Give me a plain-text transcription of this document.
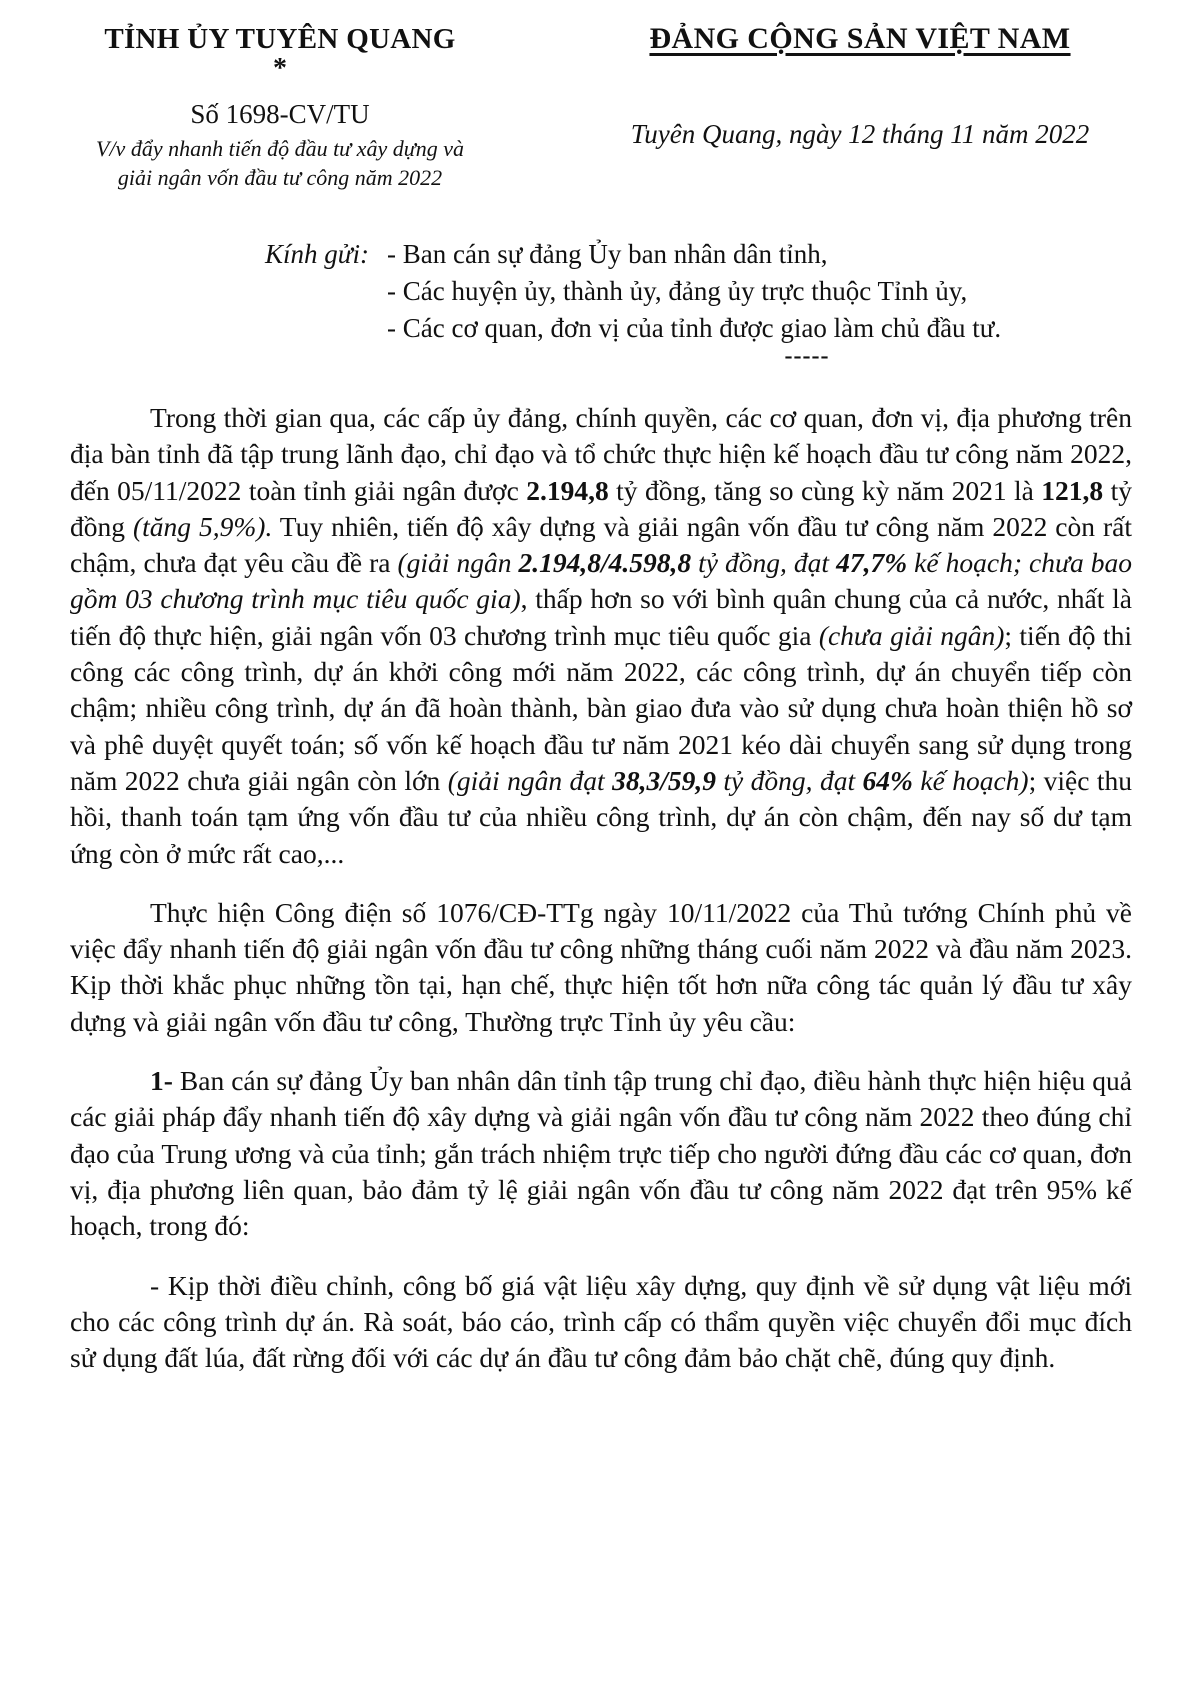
TỈNH ỦY TUYÊN QUANG
*
Số 1698-CV/TU
V/v đẩy nhanh tiến độ đầu tư xây dựng và
giải ngân vốn đầu tư công năm 2022
ĐẢNG CỘNG SẢN VIỆT NAM
Tuyên Quang, ngày 12 tháng 11 năm 2022
Kính gửi: - Ban cán sự đảng Ủy ban nhân dân tỉnh,
- Các huyện ủy, thành ủy, đảng ủy trực thuộc Tỉnh ủy,
- Các cơ quan, đơn vị của tỉnh được giao làm chủ đầu tư.
-----

Trong thời gian qua, các cấp ủy đảng, chính quyền, các cơ quan, đơn vị, địa phương trên địa bàn tỉnh đã tập trung lãnh đạo, chỉ đạo và tổ chức thực hiện kế hoạch đầu tư công năm 2022, đến 05/11/2022 toàn tỉnh giải ngân được 2.194,8 tỷ đồng, tăng so cùng kỳ năm 2021 là 121,8 tỷ đồng (tăng 5,9%). Tuy nhiên, tiến độ xây dựng và giải ngân vốn đầu tư công năm 2022 còn rất chậm, chưa đạt yêu cầu đề ra (giải ngân 2.194,8/4.598,8 tỷ đồng, đạt 47,7% kế hoạch; chưa bao gồm 03 chương trình mục tiêu quốc gia), thấp hơn so với bình quân chung của cả nước, nhất là tiến độ thực hiện, giải ngân vốn 03 chương trình mục tiêu quốc gia (chưa giải ngân); tiến độ thi công các công trình, dự án khởi công mới năm 2022, các công trình, dự án chuyển tiếp còn chậm; nhiều công trình, dự án đã hoàn thành, bàn giao đưa vào sử dụng chưa hoàn thiện hồ sơ và phê duyệt quyết toán; số vốn kế hoạch đầu tư năm 2021 kéo dài chuyển sang sử dụng trong năm 2022 chưa giải ngân còn lớn (giải ngân đạt 38,3/59,9 tỷ đồng, đạt 64% kế hoạch); việc thu hồi, thanh toán tạm ứng vốn đầu tư của nhiều công trình, dự án còn chậm, đến nay số dư tạm ứng còn ở mức rất cao,...

Thực hiện Công điện số 1076/CĐ-TTg ngày 10/11/2022 của Thủ tướng Chính phủ về việc đẩy nhanh tiến độ giải ngân vốn đầu tư công những tháng cuối năm 2022 và đầu năm 2023. Kịp thời khắc phục những tồn tại, hạn chế, thực hiện tốt hơn nữa công tác quản lý đầu tư xây dựng và giải ngân vốn đầu tư công, Thường trực Tỉnh ủy yêu cầu:

1- Ban cán sự đảng Ủy ban nhân dân tỉnh tập trung chỉ đạo, điều hành thực hiện hiệu quả các giải pháp đẩy nhanh tiến độ xây dựng và giải ngân vốn đầu tư công năm 2022 theo đúng chỉ đạo của Trung ương và của tỉnh; gắn trách nhiệm trực tiếp cho người đứng đầu các cơ quan, đơn vị, địa phương liên quan, bảo đảm tỷ lệ giải ngân vốn đầu tư công năm 2022 đạt trên 95% kế hoạch, trong đó:

- Kịp thời điều chỉnh, công bố giá vật liệu xây dựng, quy định về sử dụng vật liệu mới cho các công trình dự án. Rà soát, báo cáo, trình cấp có thẩm quyền việc chuyển đổi mục đích sử dụng đất lúa, đất rừng đối với các dự án đầu tư công đảm bảo chặt chẽ, đúng quy định.
